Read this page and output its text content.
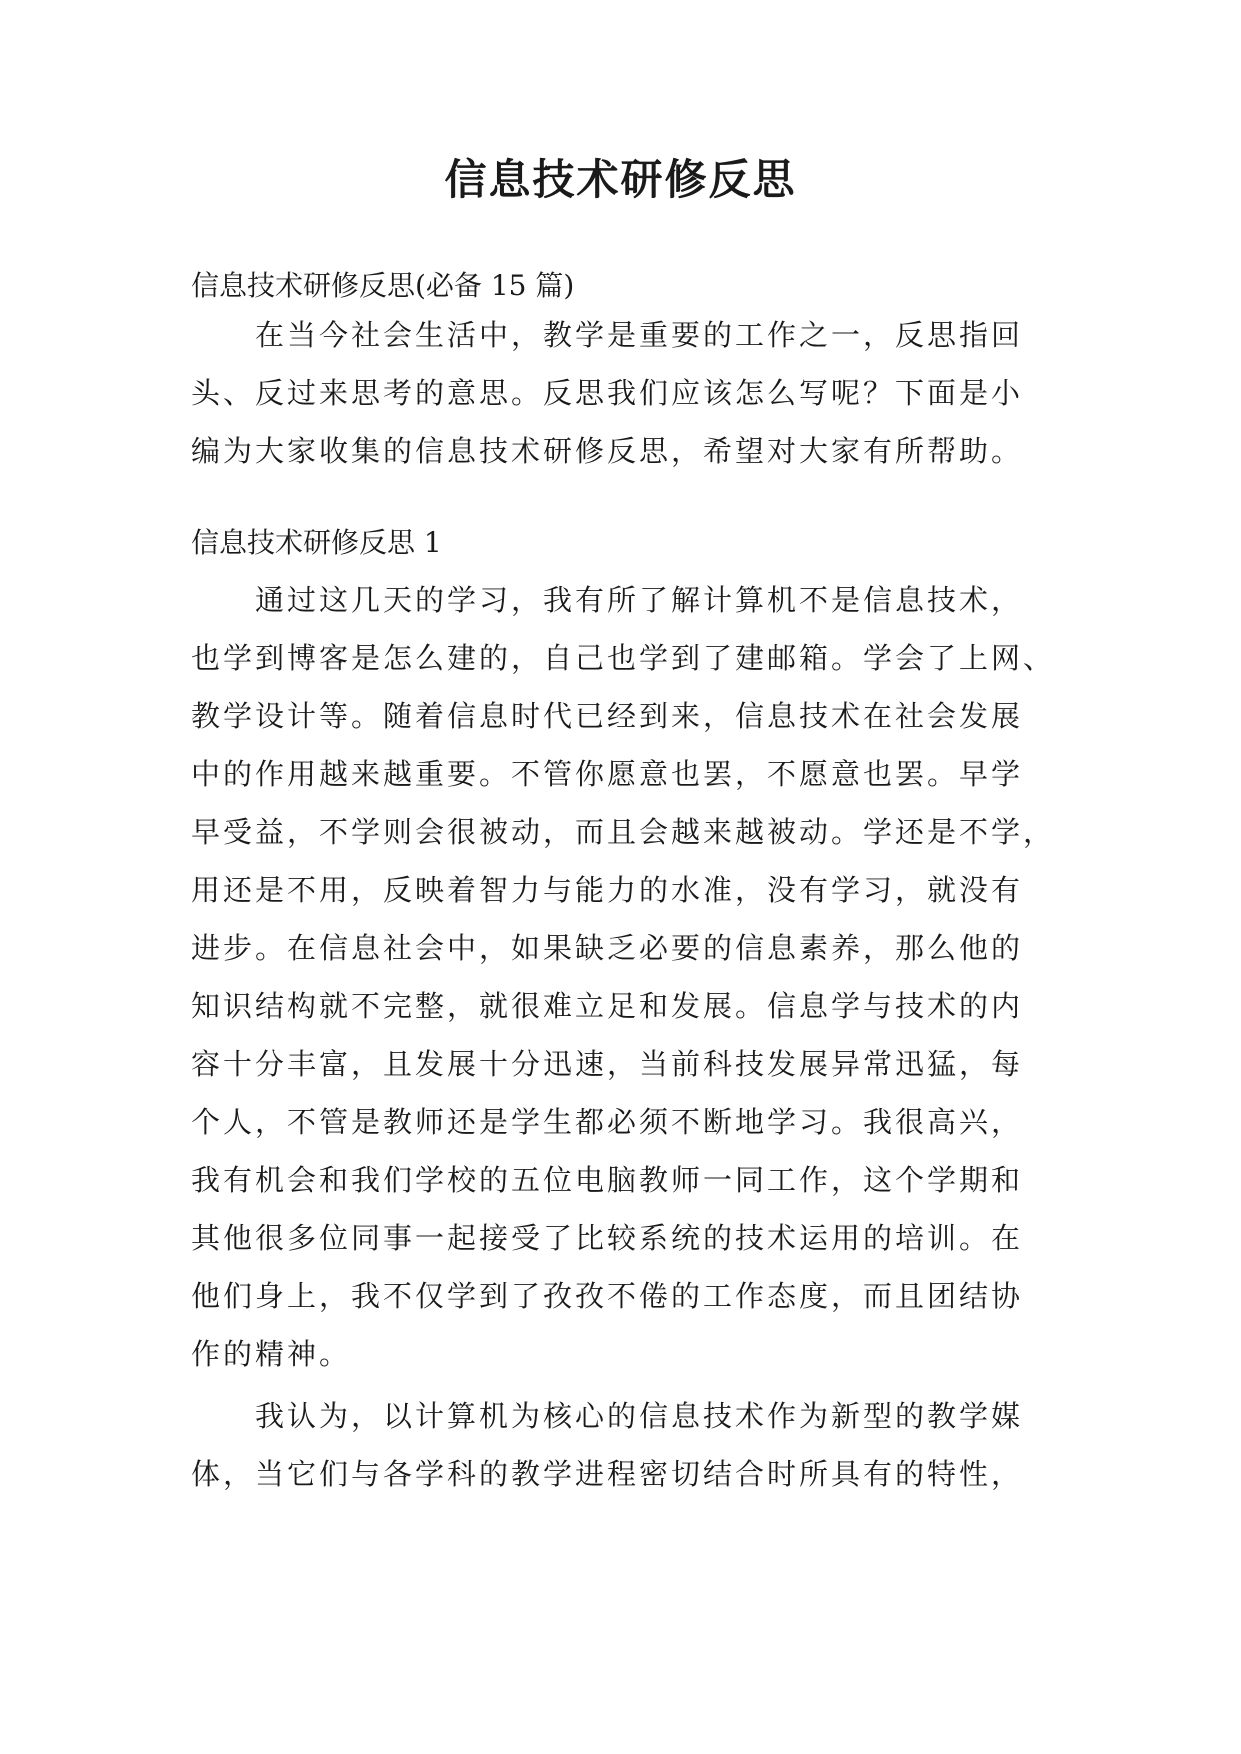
信息技术研修反思
信息技术研修反思(必备 15 篇)
在当今社会生活中，教学是重要的工作之一，反思指回
头、反过来思考的意思。反思我们应该怎么写呢？下面是小
编为大家收集的信息技术研修反思，希望对大家有所帮助。
信息技术研修反思 1
通过这几天的学习，我有所了解计算机不是信息技术，
也学到博客是怎么建的，自己也学到了建邮箱。学会了上网、
教学设计等。随着信息时代已经到来，信息技术在社会发展
中的作用越来越重要。不管你愿意也罢，不愿意也罢。早学
早受益，不学则会很被动，而且会越来越被动。学还是不学，
用还是不用，反映着智力与能力的水准，没有学习，就没有
进步。在信息社会中，如果缺乏必要的信息素养，那么他的
知识结构就不完整，就很难立足和发展。信息学与技术的内
容十分丰富，且发展十分迅速，当前科技发展异常迅猛，每
个人，不管是教师还是学生都必须不断地学习。我很高兴，
我有机会和我们学校的五位电脑教师一同工作，这个学期和
其他很多位同事一起接受了比较系统的技术运用的培训。在
他们身上，我不仅学到了孜孜不倦的工作态度，而且团结协
作的精神。
我认为，以计算机为核心的信息技术作为新型的教学媒
体，当它们与各学科的教学进程密切结合时所具有的特性，
